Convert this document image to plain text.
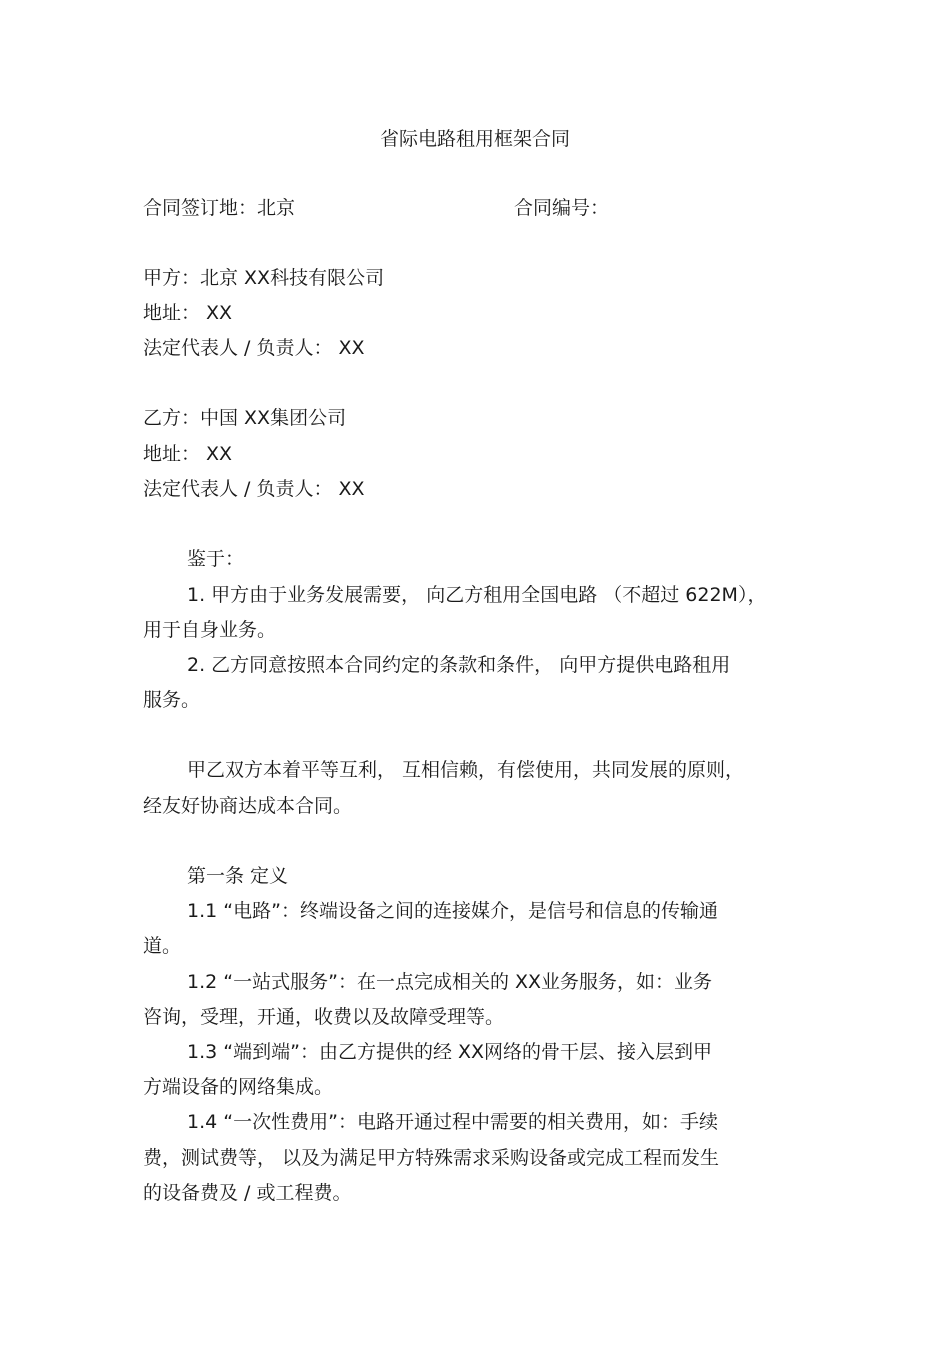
省际电路租用框架合同

合同签订地：北京	合同编号：

甲方：北京 XX科技有限公司

地址： XX

法定代表人 / 负责人： XX

乙方：中国 XX集团公司

地址： XX

法定代表人 / 负责人： XX

鉴于：

1. 甲方由于业务发展需要， 向乙方租用全国电路 （不超过 622M），

用于自身业务。

2. 乙方同意按照本合同约定的条款和条件， 向甲方提供电路租用

服务。

甲乙双方本着平等互利， 互相信赖，有偿使用，共同发展的原则，

经友好协商达成本合同。

第一条 定义

1.1 “电路”：终端设备之间的连接媒介，是信号和信息的传输通

道。

1.2 “一站式服务”：在一点完成相关的 XX业务服务，如：业务

咨询，受理，开通，收费以及故障受理等。

1.3 “端到端”：由乙方提供的经 XX网络的骨干层、接入层到甲

方端设备的网络集成。

1.4 “一次性费用”：电路开通过程中需要的相关费用，如：手续

费，测试费等， 以及为满足甲方特殊需求采购设备或完成工程而发生

的设备费及 / 或工程费。
